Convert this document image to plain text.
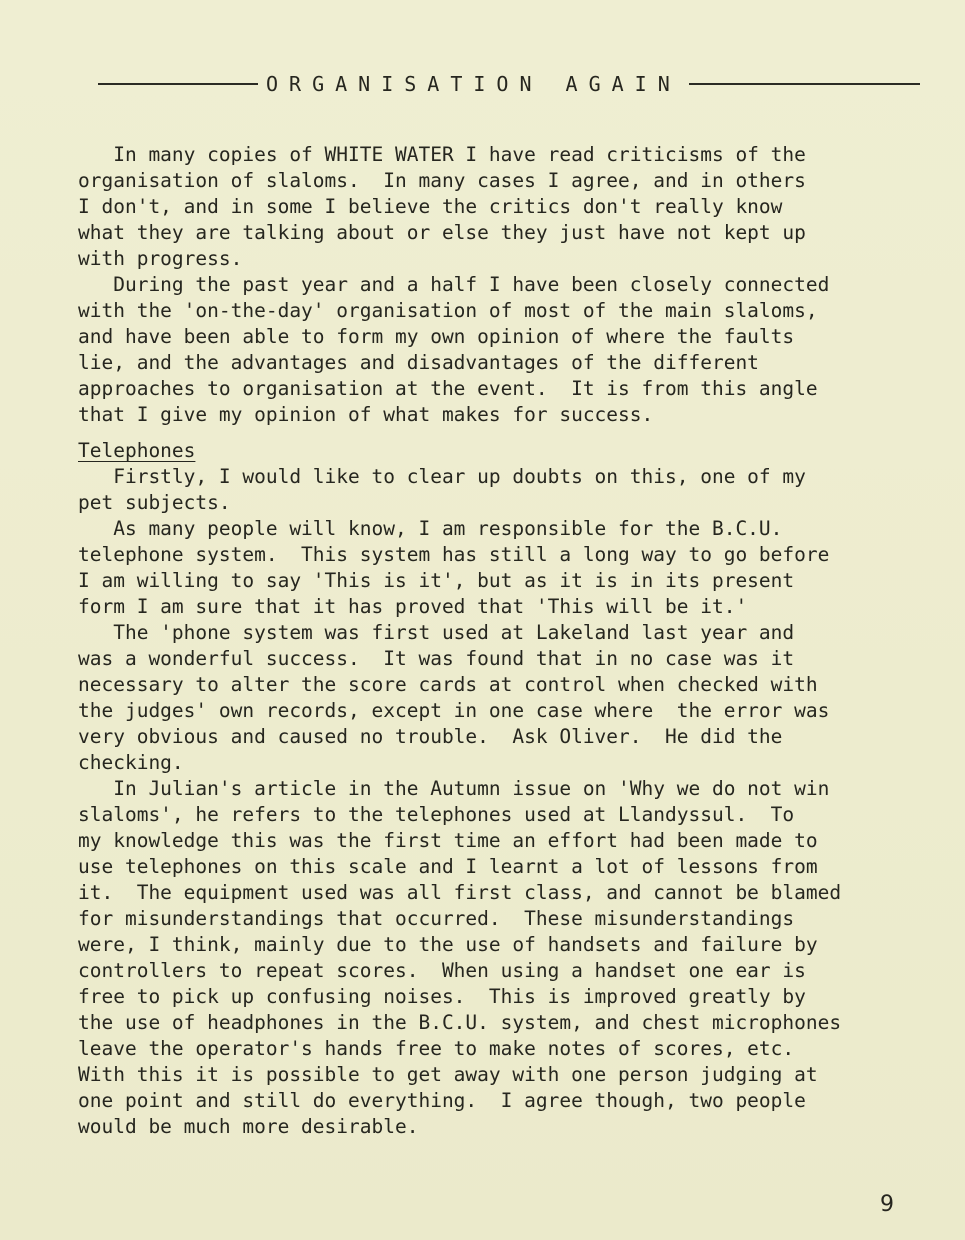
ORGANISATION AGAIN

In many copies of WHITE WATER I have read criticisms of the
organisation of slaloms.  In many cases I agree, and in others
I don't, and in some I believe the critics don't really know
what they are talking about or else they just have not kept up
with progress.

During the past year and a half I have been closely connected
with the 'on-the-day' organisation of most of the main slaloms,
and have been able to form my own opinion of where the faults
lie, and the advantages and disadvantages of the different
approaches to organisation at the event.  It is from this angle
that I give my opinion of what makes for success.

Telephones

Firstly, I would like to clear up doubts on this, one of my
pet subjects.

As many people will know, I am responsible for the B.C.U.
telephone system.  This system has still a long way to go before
I am willing to say 'This is it', but as it is in its present
form I am sure that it has proved that 'This will be it.'

The 'phone system was first used at Lakeland last year and
was a wonderful success.  It was found that in no case was it
necessary to alter the score cards at control when checked with
the judges' own records, except in one case where  the error was
very obvious and caused no trouble.  Ask Oliver.  He did the
checking.

In Julian's article in the Autumn issue on 'Why we do not win
slaloms', he refers to the telephones used at Llandyssul.  To
my knowledge this was the first time an effort had been made to
use telephones on this scale and I learnt a lot of lessons from
it.  The equipment used was all first class, and cannot be blamed
for misunderstandings that occurred.  These misunderstandings
were, I think, mainly due to the use of handsets and failure by
controllers to repeat scores.  When using a handset one ear is
free to pick up confusing noises.  This is improved greatly by
the use of headphones in the B.C.U. system, and chest microphones
leave the operator's hands free to make notes of scores, etc.
With this it is possible to get away with one person judging at
one point and still do everything.  I agree though, two people
would be much more desirable.

9
